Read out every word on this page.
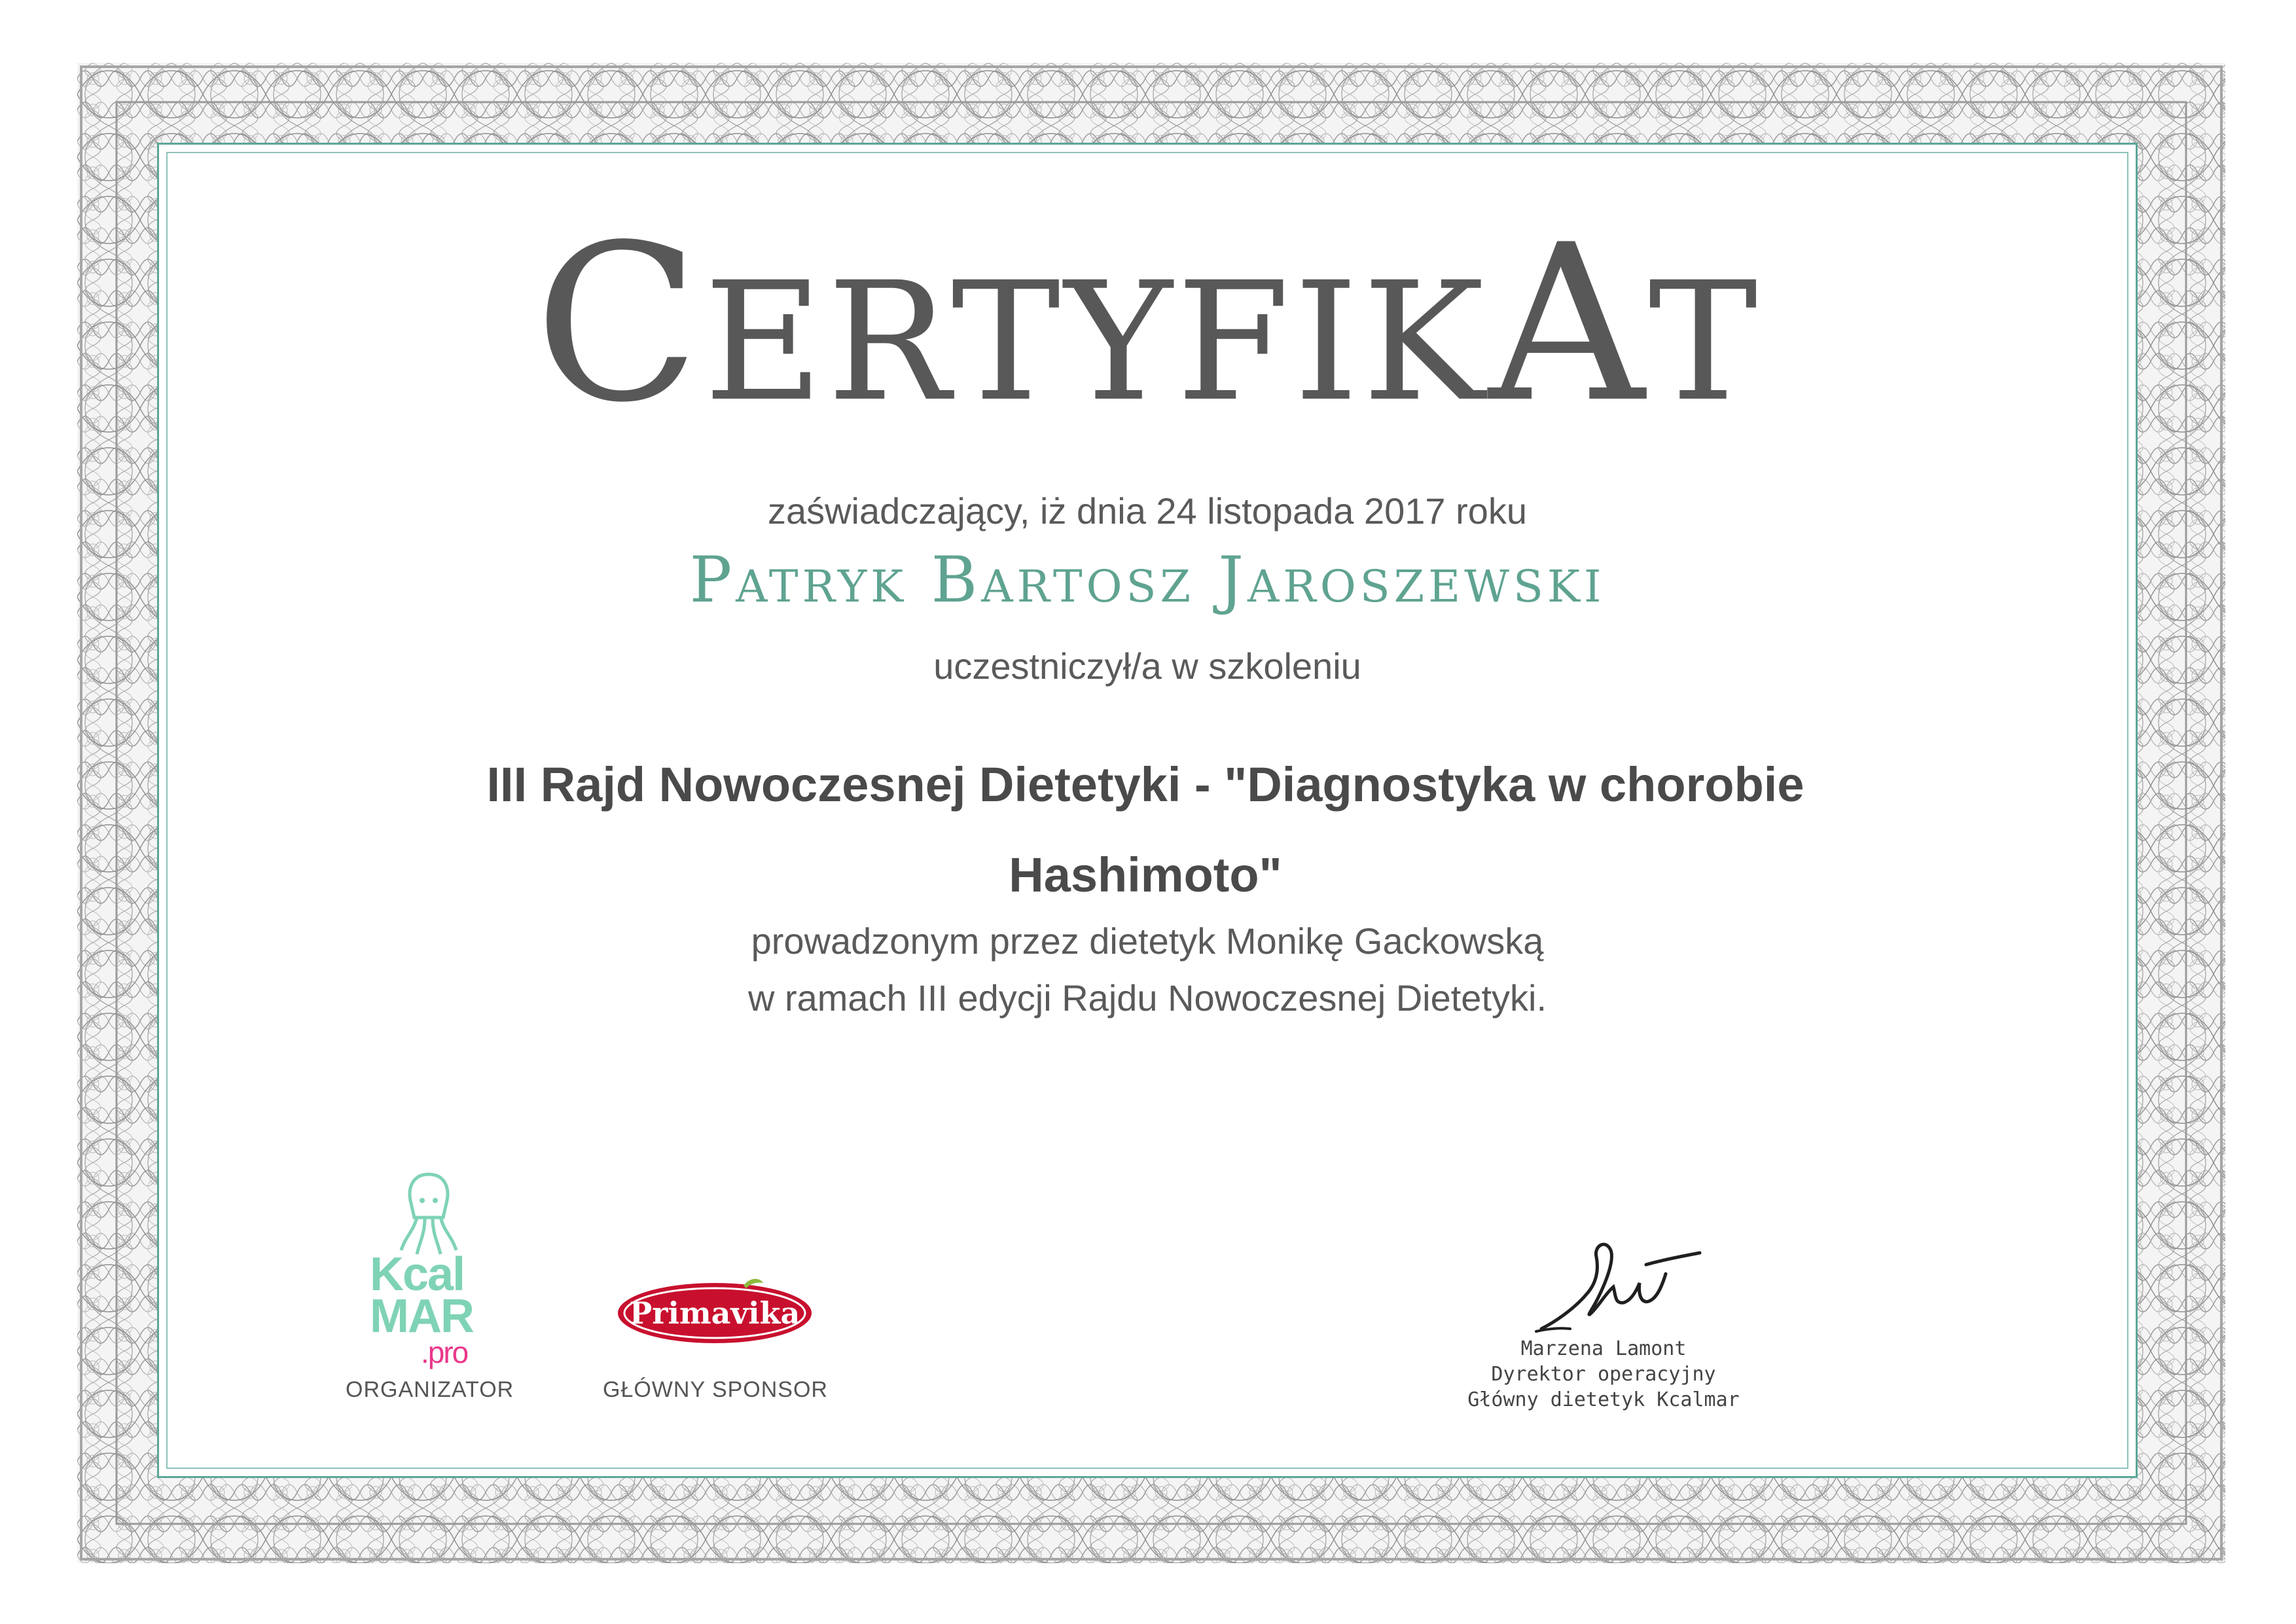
CERTYFIKAT

zaświadczający, iż dnia 24 listopada 2017 roku

Patryk Bartosz Jaroszewski

uczestniczył/a w szkoleniu

III Rajd Nowoczesnej Dietetyki - "Diagnostyka w chorobie Hashimoto"

prowadzonym przez dietetyk Monikę Gackowską

w ramach III edycji Rajdu Nowoczesnej Dietetyki.

Kcal
MAR
.pro
ORGANIZATOR
Primavika
GŁÓWNY SPONSOR
Marzena Lamont
Dyrektor operacyjny
Główny dietetyk Kcalmar
